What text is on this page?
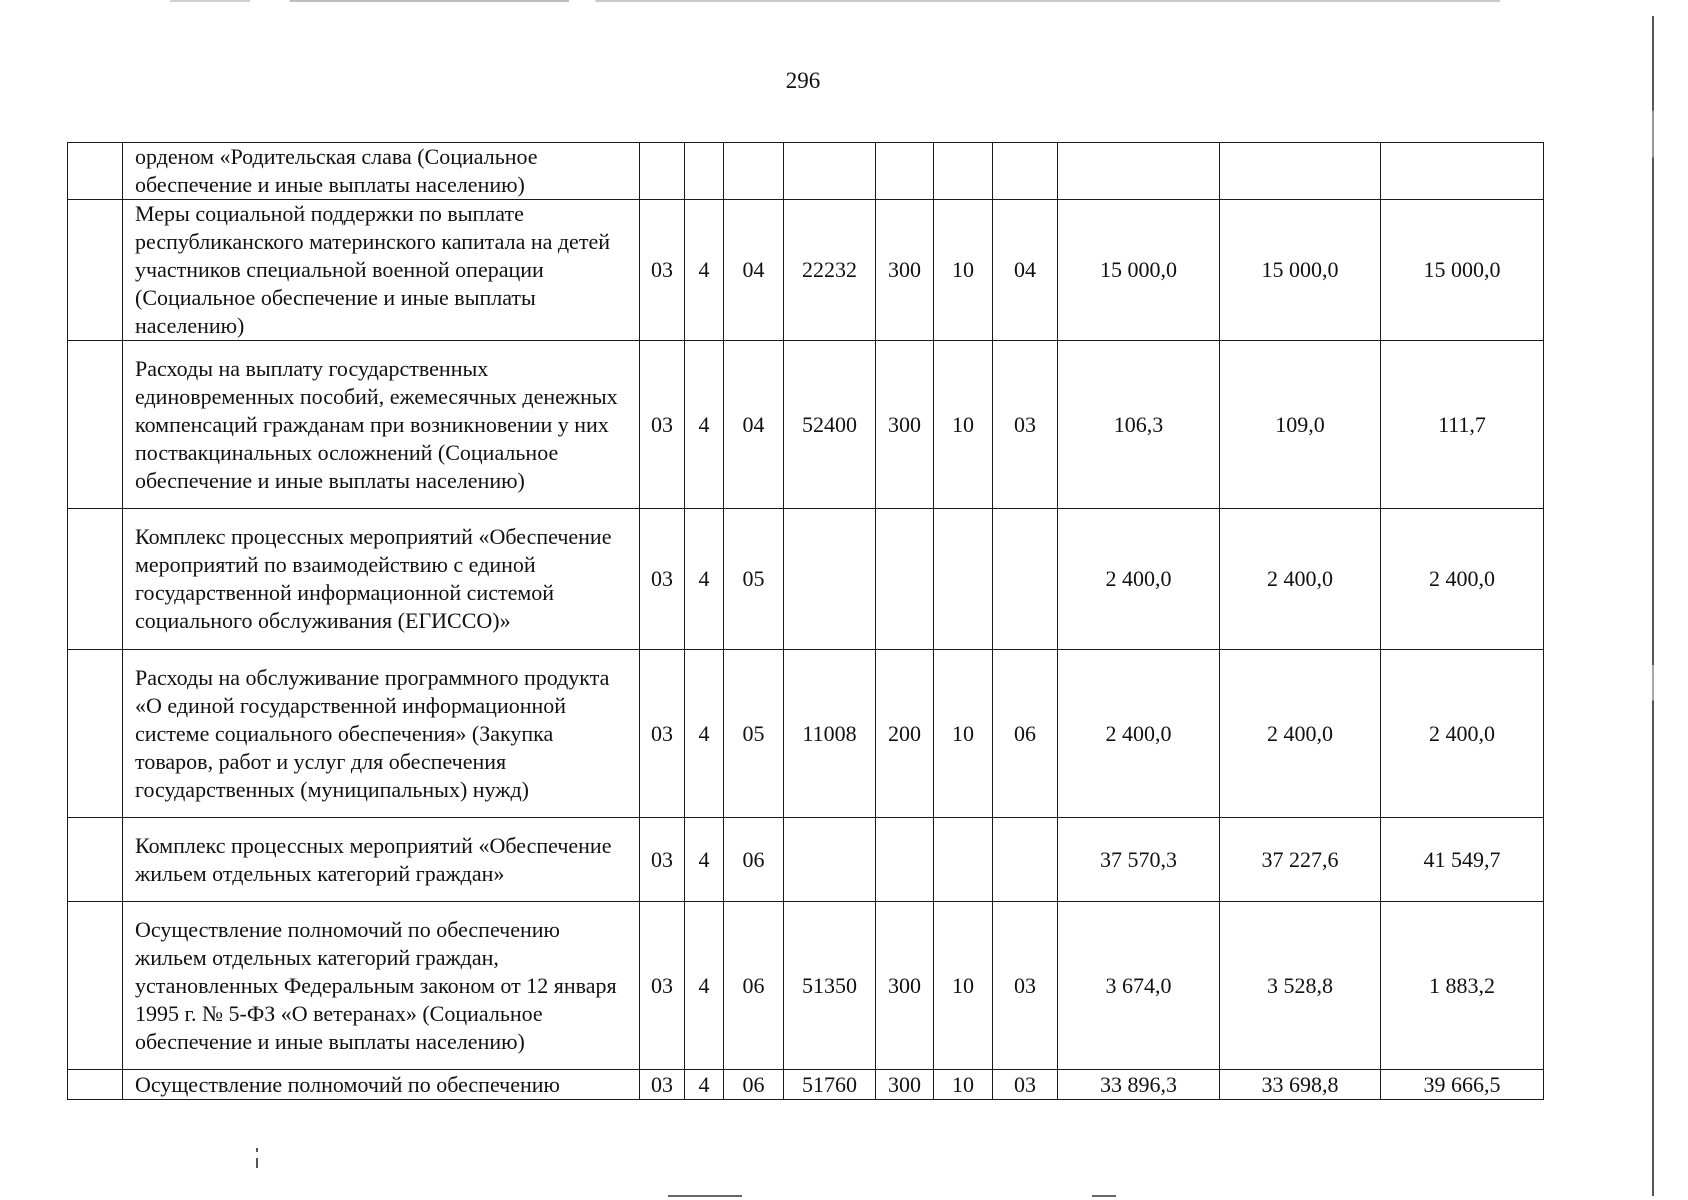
296
	орденом «Родительская слава (Социальное обеспечение и иные выплаты населению)										
	Меры социальной поддержки по выплате республиканского материнского капитала на детей участников специальной военной операции (Социальное обеспечение и иные выплаты населению)	03	4	04	22232	300	10	04	15 000,0	15 000,0	15 000,0
	Расходы на выплату государственных единовременных пособий, ежемесячных денежных компенсаций гражданам при возникновении у них поствакцинальных осложнений (Социальное обеспечение и иные выплаты населению)	03	4	04	52400	300	10	03	106,3	109,0	111,7
	Комплекс процессных мероприятий «Обеспечение мероприятий по взаимодействию с единой государственной информационной системой социального обслуживания (ЕГИССО)»	03	4	05					2 400,0	2 400,0	2 400,0
	Расходы на обслуживание программного продукта «О единой государственной информационной системе социального обеспечения» (Закупка товаров, работ и услуг для обеспечения государственных (муниципальных) нужд)	03	4	05	11008	200	10	06	2 400,0	2 400,0	2 400,0
	Комплекс процессных мероприятий «Обеспечение жильем отдельных категорий граждан»	03	4	06					37 570,3	37 227,6	41 549,7
	Осуществление полномочий по обеспечению жильем отдельных категорий граждан, установленных Федеральным законом от 12 января 1995 г. № 5-ФЗ «О ветеранах» (Социальное обеспечение и иные выплаты населению)	03	4	06	51350	300	10	03	3 674,0	3 528,8	1 883,2
	Осуществление полномочий по обеспечению	03	4	06	51760	300	10	03	33 896,3	33 698,8	39 666,5
